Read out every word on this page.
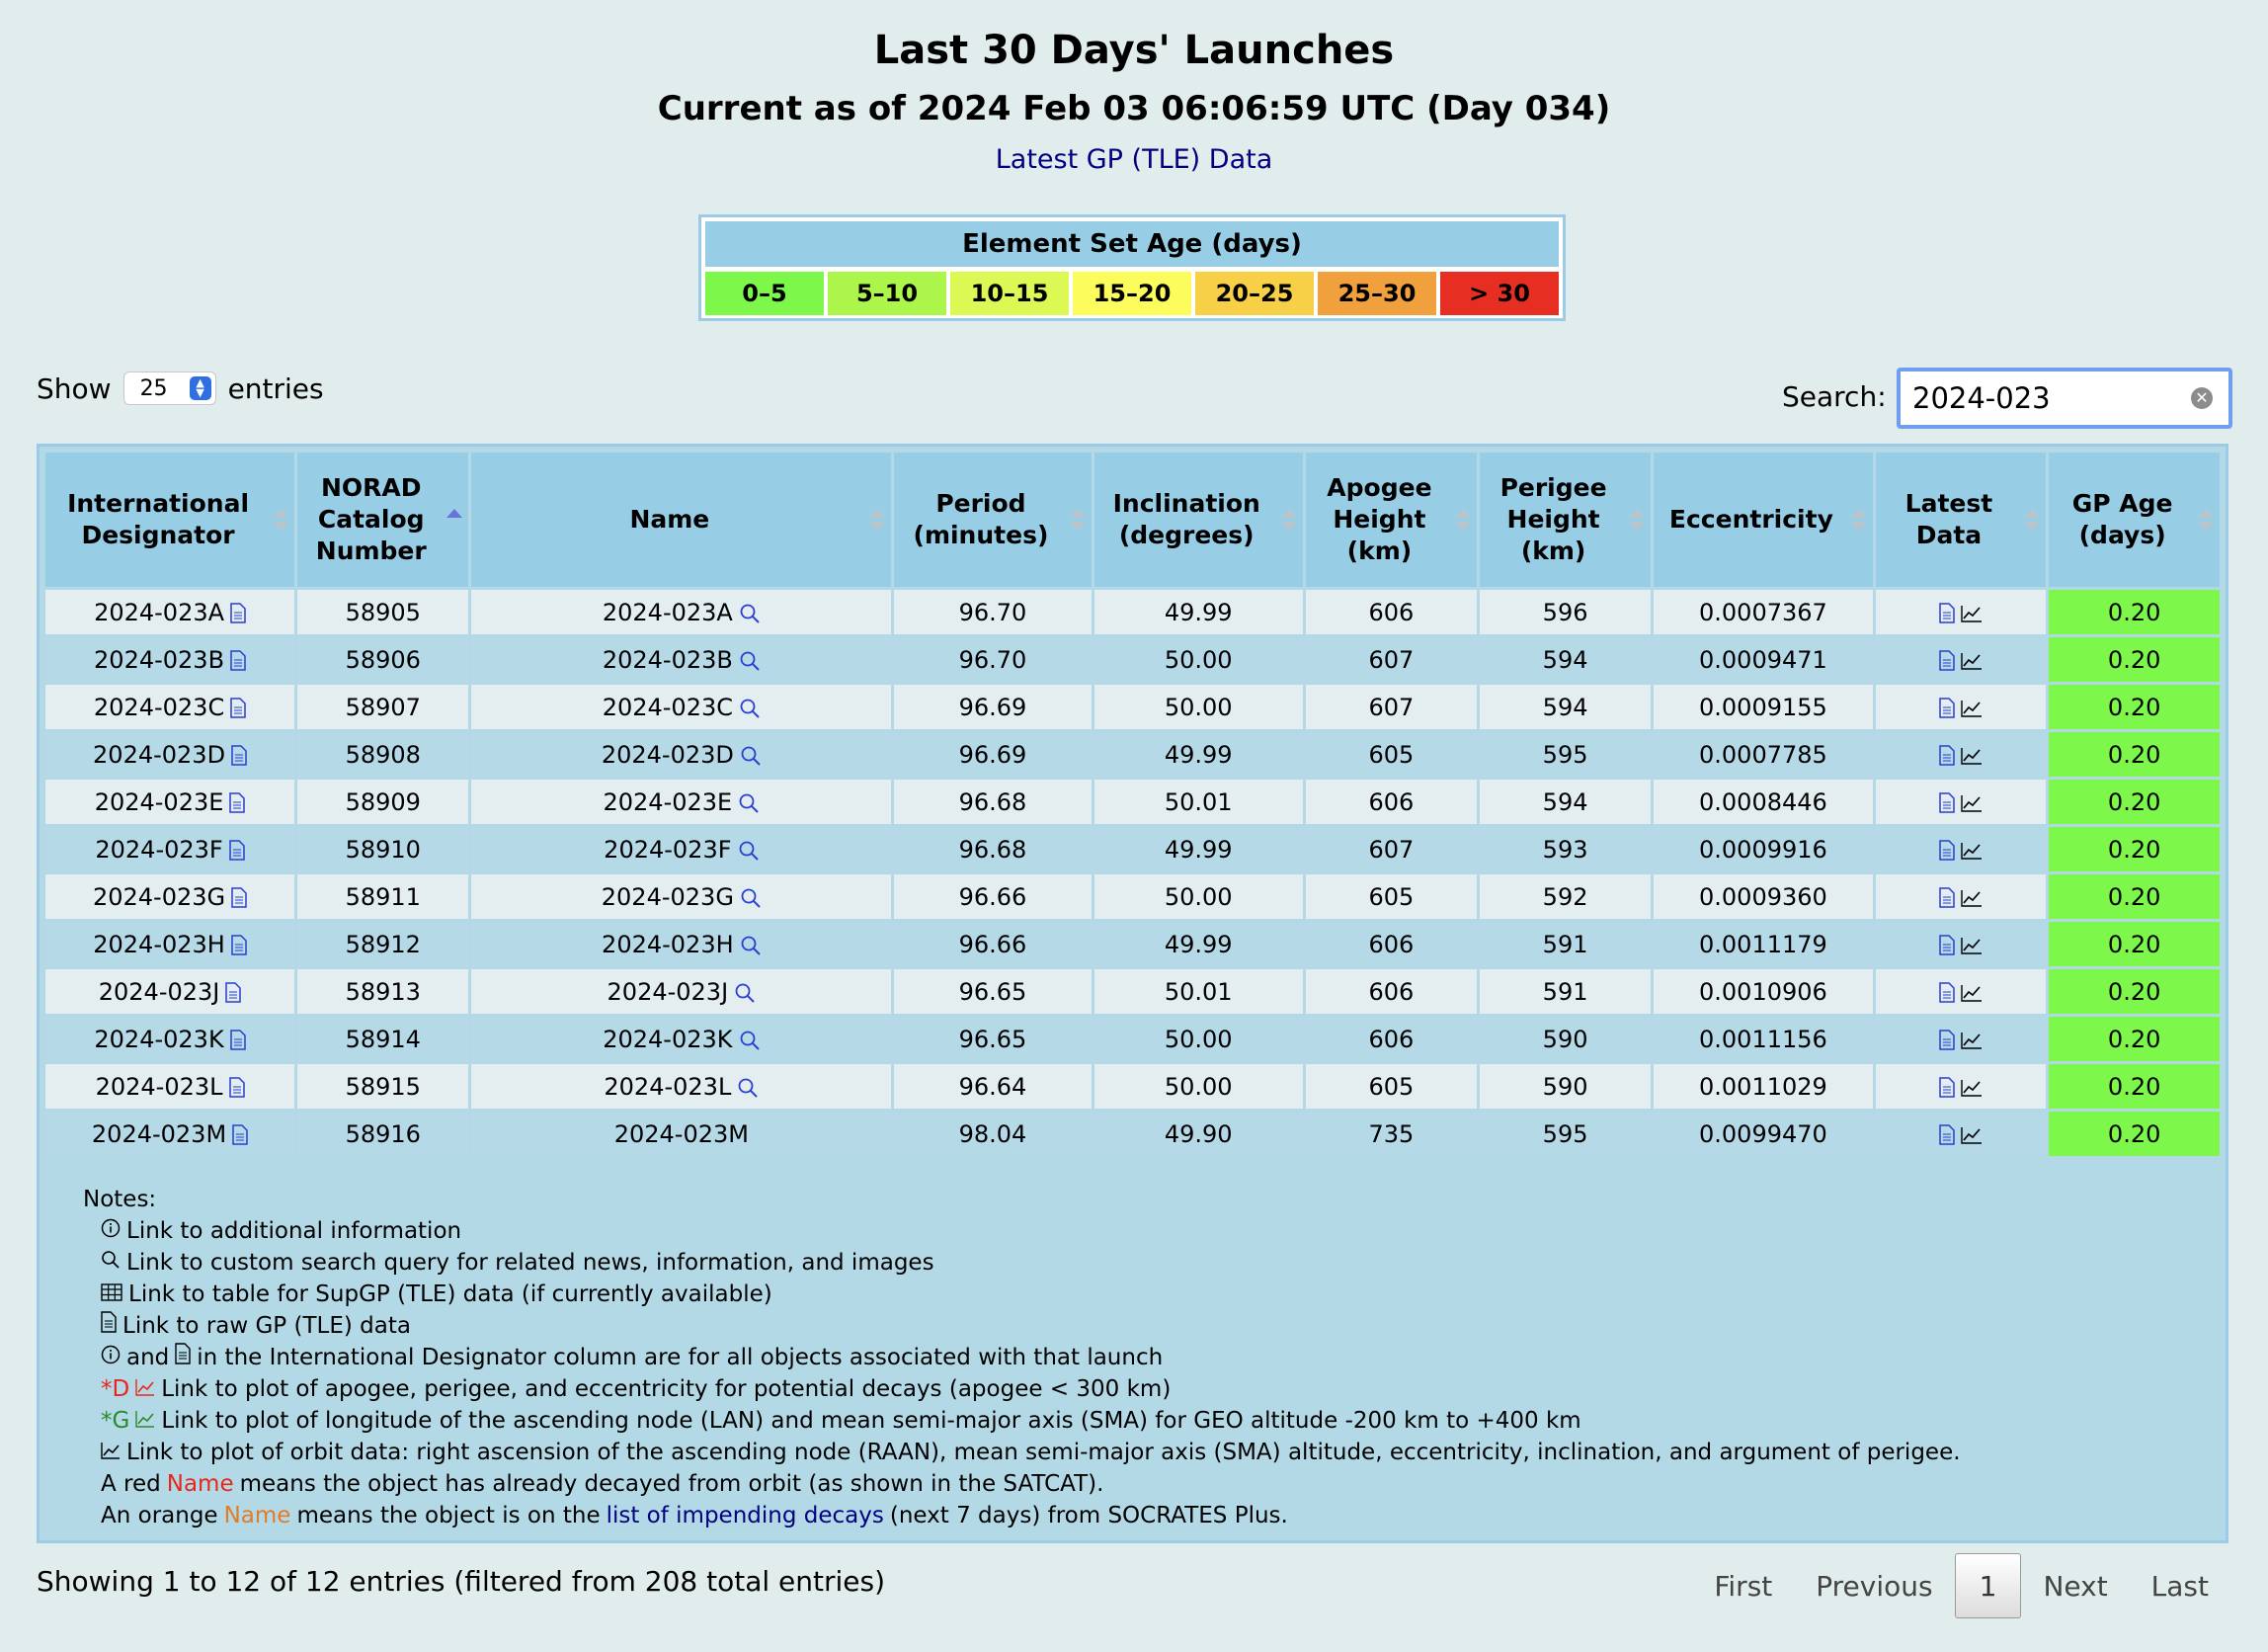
Last 30 Days' Launches
Current as of 2024 Feb 03 06:06:59 UTC (Day 034)
Latest GP (TLE) Data
Element Set Age (days)
0–5	5–10	10–15	15–20	20–25	25–30	> 30
Show 25	▲
▼ entries	Search:
2024-023	✕
International Designator	NORAD Catalog Number	Name	Period (minutes)	Inclination (degrees)	Apogee Height (km)	Perigee Height (km)	Eccentricity	Latest Data	GP Age (days)

2024-023A	58905	2024-023A	96.70	49.99	606	596	0.0007367		0.20
2024-023B	58906	2024-023B	96.70	50.00	607	594	0.0009471		0.20
2024-023C	58907	2024-023C	96.69	50.00	607	594	0.0009155		0.20
2024-023D	58908	2024-023D	96.69	49.99	605	595	0.0007785		0.20
2024-023E	58909	2024-023E	96.68	50.01	606	594	0.0008446		0.20
2024-023F	58910	2024-023F	96.68	49.99	607	593	0.0009916		0.20
2024-023G	58911	2024-023G	96.66	50.00	605	592	0.0009360		0.20
2024-023H	58912	2024-023H	96.66	49.99	606	591	0.0011179		0.20
2024-023J	58913	2024-023J	96.65	50.01	606	591	0.0010906		0.20
2024-023K	58914	2024-023K	96.65	50.00	606	590	0.0011156		0.20
2024-023L	58915	2024-023L	96.64	50.00	605	590	0.0011029		0.20
2024-023M	58916	2024-023M	98.04	49.90	735	595	0.0099470		0.20
Notes:
Link to additional information
Link to custom search query for related news, information, and images
Link to table for SupGP (TLE) data (if currently available)
Link to raw GP (TLE) data
and in the International Designator column are for all objects associated with that launch
*D Link to plot of apogee, perigee, and eccentricity for potential decays (apogee < 300 km)
*G Link to plot of longitude of the ascending node (LAN) and mean semi-major axis (SMA) for GEO altitude -200 km to +400 km
Link to plot of orbit data: right ascension of the ascending node (RAAN), mean semi-major axis (SMA) altitude, eccentricity, inclination, and argument of perigee.
A red Name means the object has already decayed from orbit (as shown in the SATCAT).
An orange Name means the object is on the list of impending decays (next 7 days) from SOCRATES Plus.
Showing 1 to 12 of 12 entries (filtered from 208 total entries)	First	Previous	1	Next	Last
